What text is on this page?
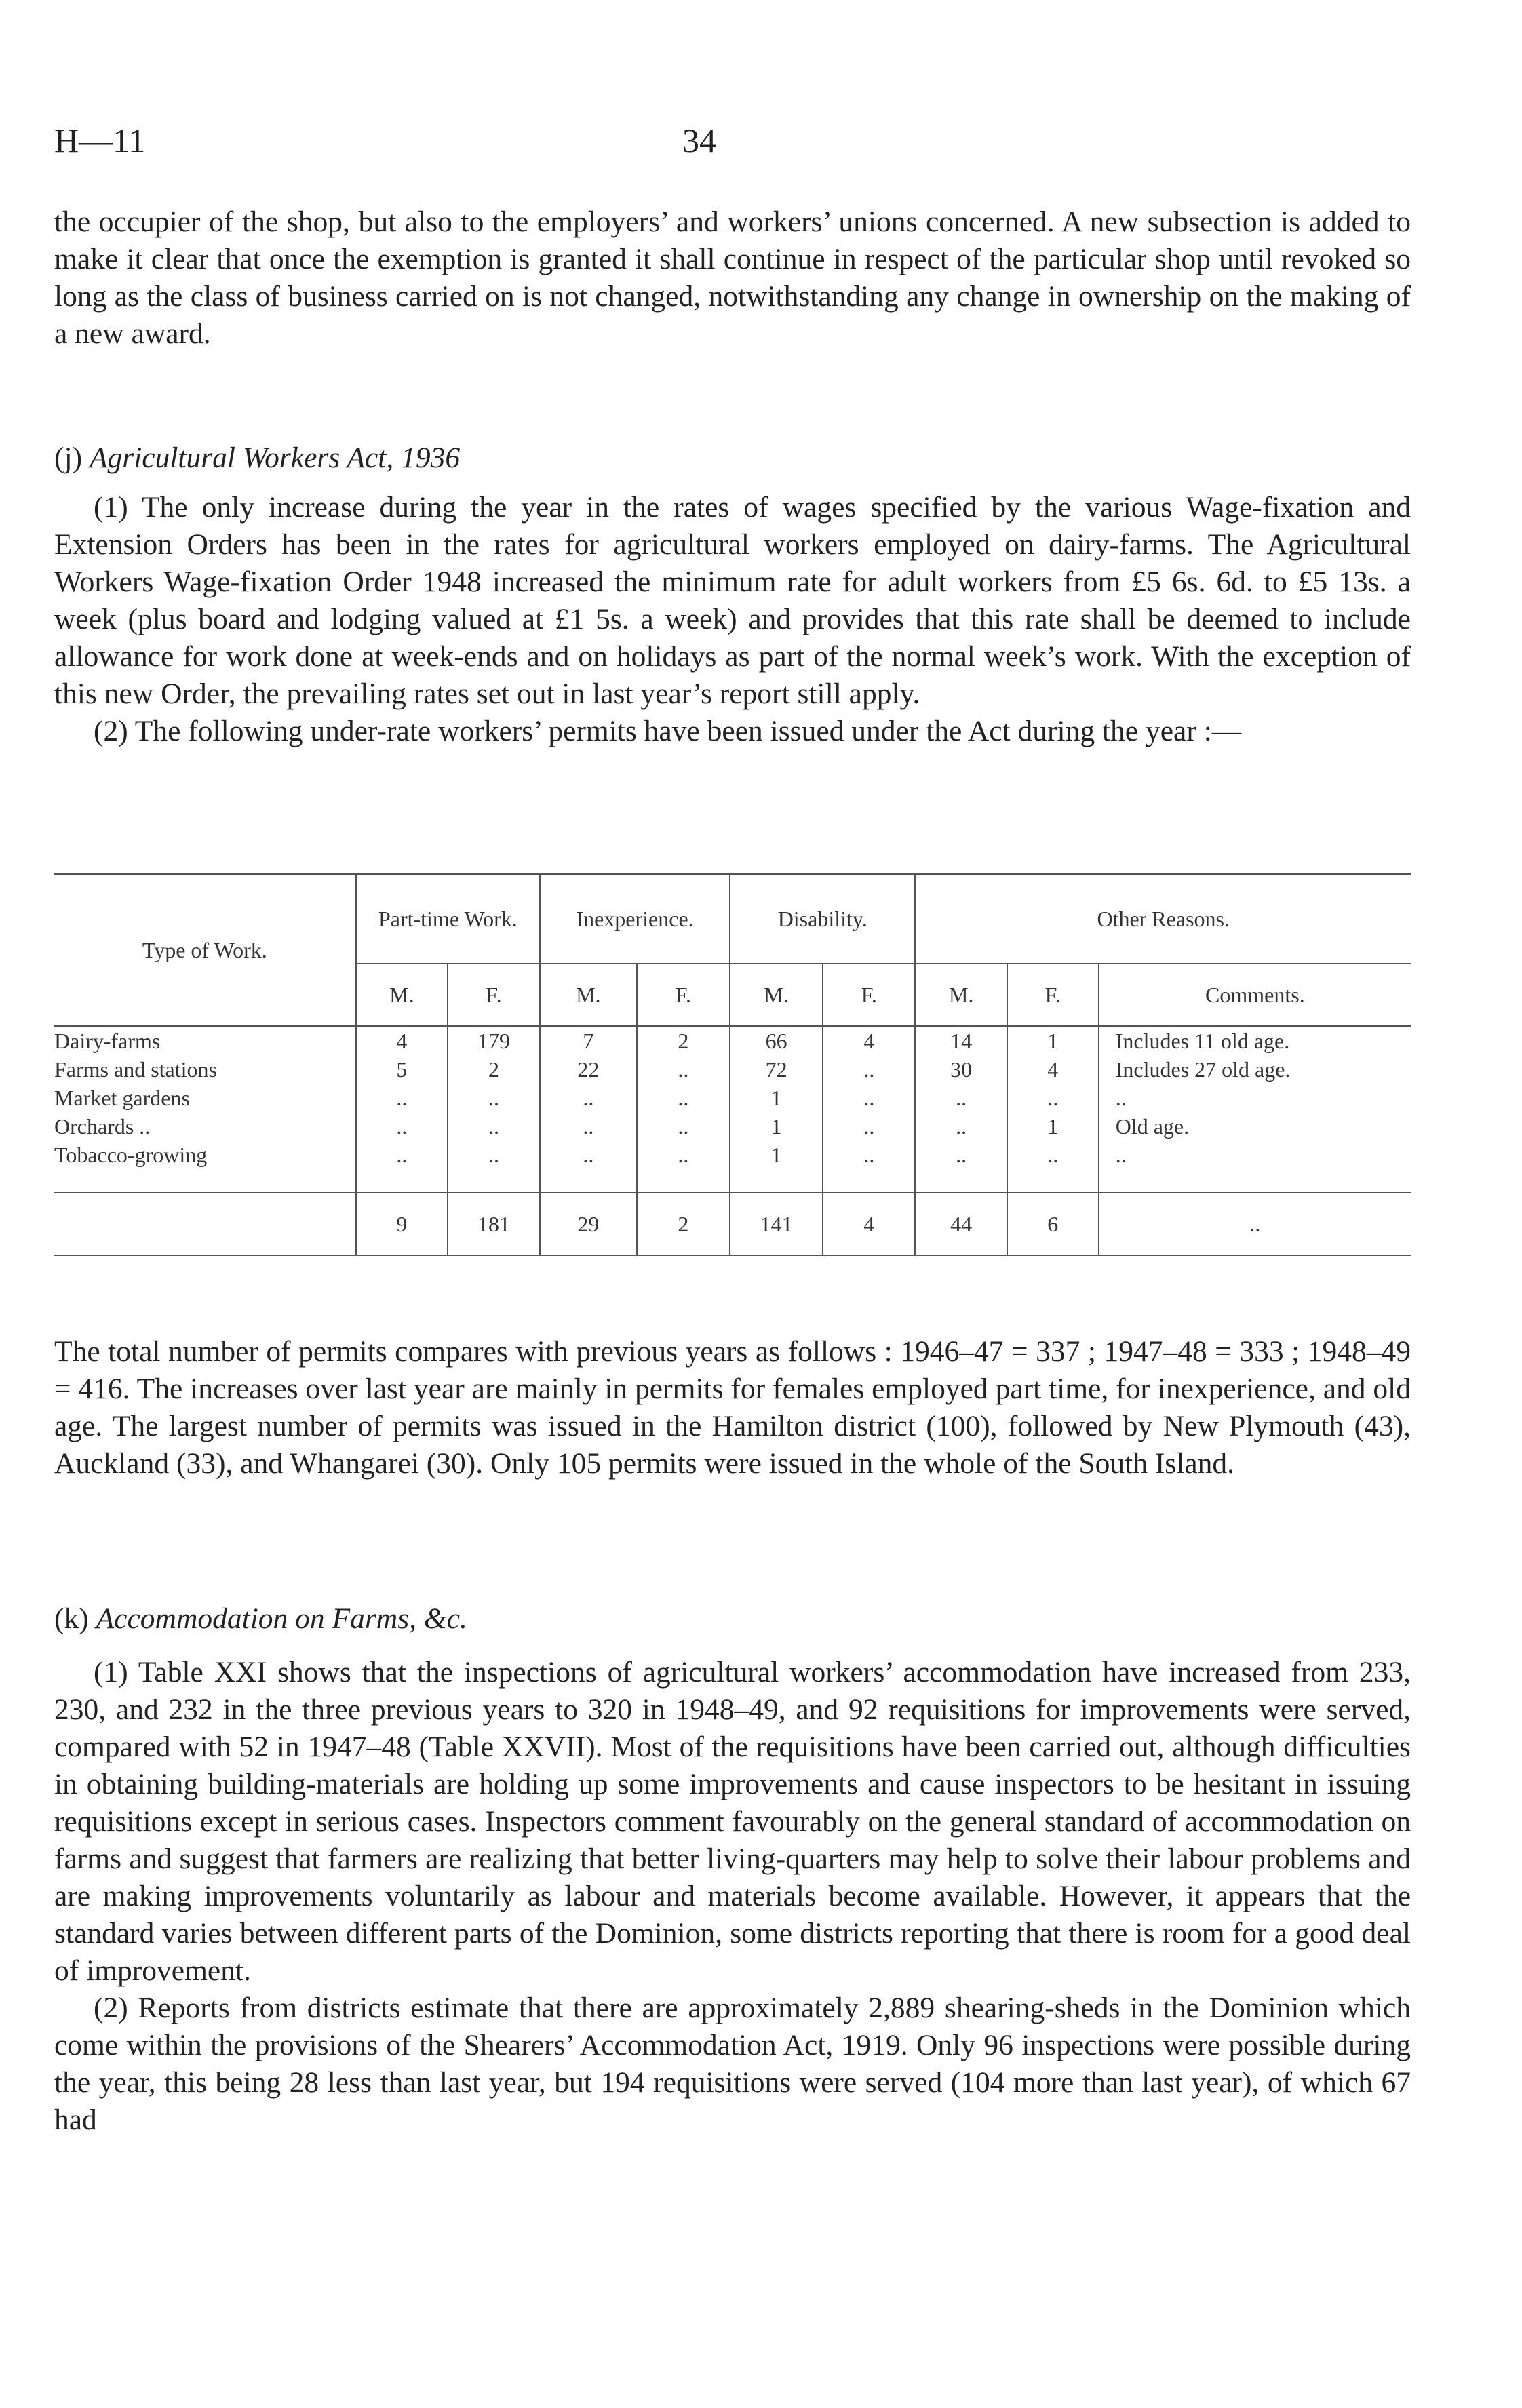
H—11	34

the occupier of the shop, but also to the employers’ and workers’ unions concerned. A new subsection is added to make it clear that once the exemption is granted it shall continue in respect of the particular shop until revoked so long as the class of business carried on is not changed, notwithstanding any change in ownership on the making of a new award.

(j) Agricultural Workers Act, 1936

(1) The only increase during the year in the rates of wages specified by the various Wage-fixation and Extension Orders has been in the rates for agricultural workers employed on dairy-farms. The Agricultural Workers Wage-fixation Order 1948 increased the minimum rate for adult workers from £5 6s. 6d. to £5 13s. a week (plus board and lodging valued at £1 5s. a week) and provides that this rate shall be deemed to include allowance for work done at week-ends and on holidays as part of the normal week’s work. With the exception of this new Order, the prevailing rates set out in last year’s report still apply.

(2) The following under-rate workers’ permits have been issued under the Act during the year :—

Type of Work.	Part-time Work.		Inexperience.		Disability.		Other Reasons.		
	M.	F.	M.	F.	M.	F.	M.	F.	Comments.
Dairy-farms	4	179	7	2	66	4	14	1	Includes 11 old age.
Farms and stations	5	2	22	..	72	..	30	4	Includes 27 old age.
Market gardens	..	..	..	..	1	..	..	..	..
Orchards ..	..	..	..	..	1	..	..	1	Old age.
Tobacco-growing	..	..	..	..	1	..	..	..	..
	9	181	29	2	141	4	44	6	..

The total number of permits compares with previous years as follows : 1946–47 = 337 ; 1947–48 = 333 ; 1948–49 = 416. The increases over last year are mainly in permits for females employed part time, for inexperience, and old age. The largest number of permits was issued in the Hamilton district (100), followed by New Plymouth (43), Auckland (33), and Whangarei (30). Only 105 permits were issued in the whole of the South Island.

(k) Accommodation on Farms, &c.

(1) Table XXI shows that the inspections of agricultural workers’ accommodation have increased from 233, 230, and 232 in the three previous years to 320 in 1948–49, and 92 requisitions for improvements were served, compared with 52 in 1947–48 (Table XXVII). Most of the requisitions have been carried out, although difficulties in obtaining building-materials are holding up some improvements and cause inspectors to be hesitant in issuing requisitions except in serious cases. Inspectors comment favourably on the general standard of accommodation on farms and suggest that farmers are realizing that better living-quarters may help to solve their labour problems and are making improvements voluntarily as labour and materials become available. However, it appears that the standard varies between different parts of the Dominion, some districts reporting that there is room for a good deal of improvement.

(2) Reports from districts estimate that there are approximately 2,889 shearing-sheds in the Dominion which come within the provisions of the Shearers’ Accommodation Act, 1919. Only 96 inspections were possible during the year, this being 28 less than last year, but 194 requisitions were served (104 more than last year), of which 67 had
